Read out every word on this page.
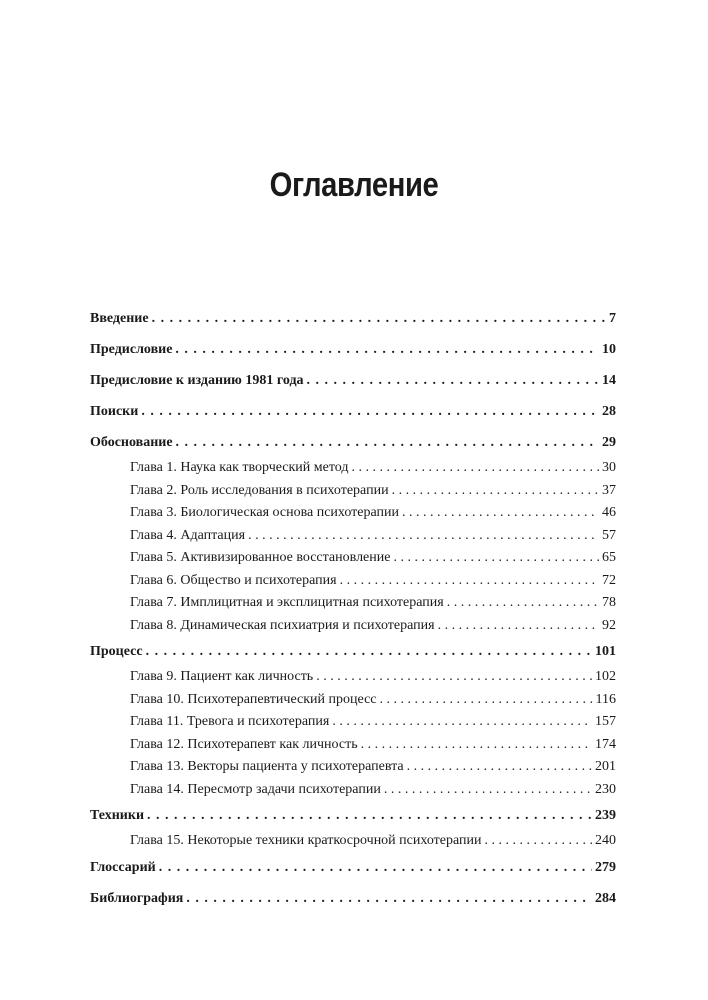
Оглавление
Введение . . .	7
Предисловие . . .	10
Предисловие к изданию 1981 года . . .	14
Поиски . . .	28
Обоснование . . .	29
Глава 1. Наука как творческий метод . . .	30
Глава 2. Роль исследования в психотерапии . . .	37
Глава 3. Биологическая основа психотерапии . . .	46
Глава 4. Адаптация . . .	57
Глава 5. Активизированное восстановление . . .	65
Глава 6. Общество и психотерапия . . .	72
Глава 7. Имплицитная и эксплицитная психотерапия . . .	78
Глава 8. Динамическая психиатрия и психотерапия . . .	92
Процесс . . .	101
Глава 9. Пациент как личность . . .	102
Глава 10. Психотерапевтический процесс . . .	116
Глава 11. Тревога и психотерапия . . .	157
Глава 12. Психотерапевт как личность . . .	174
Глава 13. Векторы пациента у психотерапевта . . .	201
Глава 14. Пересмотр задачи психотерапии . . .	230
Техники . . .	239
Глава 15. Некоторые техники краткосрочной психотерапии . . .	240
Глоссарий . . .	279
Библиография . . .	284
